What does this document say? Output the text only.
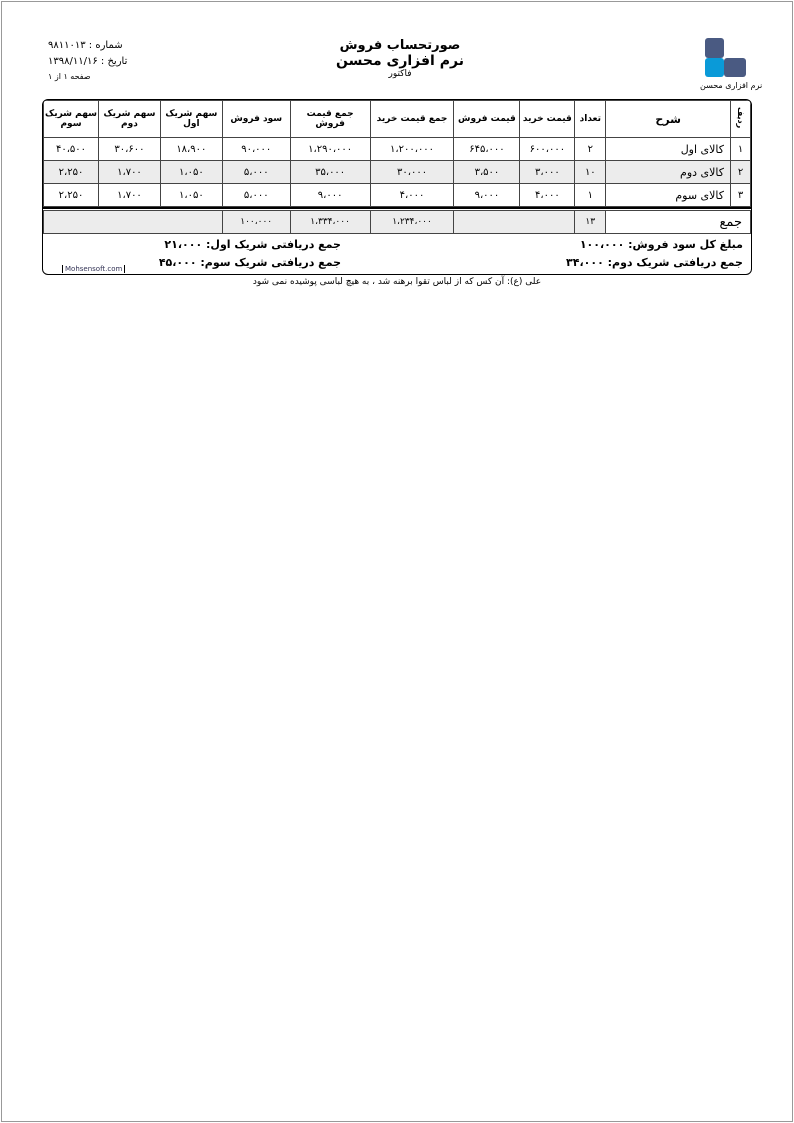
شماره : ۹۸۱۱۰۱۳
تاریخ : ۱۳۹۸/۱۱/۱۶
صفحه ۱ از ۱
صورتحساب فروش
نرم افزاری محسن
فاکتور
نرم افزاری محسن
ردیف	شرح	تعداد	قیمت خرید	قیمت فروش	جمع قیمت خرید	جمع قیمت فروش	سود فروش	سهم شریک اول	سهم شریک دوم	سهم شریک سوم
۱	کالای اول	۲	۶۰۰،۰۰۰	۶۴۵،۰۰۰	۱،۲۰۰،۰۰۰	۱،۲۹۰،۰۰۰	۹۰،۰۰۰	۱۸،۹۰۰	۳۰،۶۰۰	۴۰،۵۰۰
۲	کالای دوم	۱۰	۳،۰۰۰	۳،۵۰۰	۳۰،۰۰۰	۳۵،۰۰۰	۵،۰۰۰	۱،۰۵۰	۱،۷۰۰	۲،۲۵۰
۳	کالای سوم	۱	۴،۰۰۰	۹،۰۰۰	۴،۰۰۰	۹،۰۰۰	۵،۰۰۰	۱،۰۵۰	۱،۷۰۰	۲،۲۵۰
جمع	۱۳		۱،۲۳۴،۰۰۰	۱،۳۳۴،۰۰۰	۱۰۰،۰۰۰	
مبلغ کل سود فروش: ۱۰۰،۰۰۰
جمع دریافتی شریک دوم: ۳۴،۰۰۰
جمع دریافتی شریک اول: ۲۱،۰۰۰
جمع دریافتی شریک سوم: ۴۵،۰۰۰
Mohsensoft.com
علی (ع): آن کس که از لباس تقوا برهنه شد ، به هیچ لباسی پوشیده نمی شود
